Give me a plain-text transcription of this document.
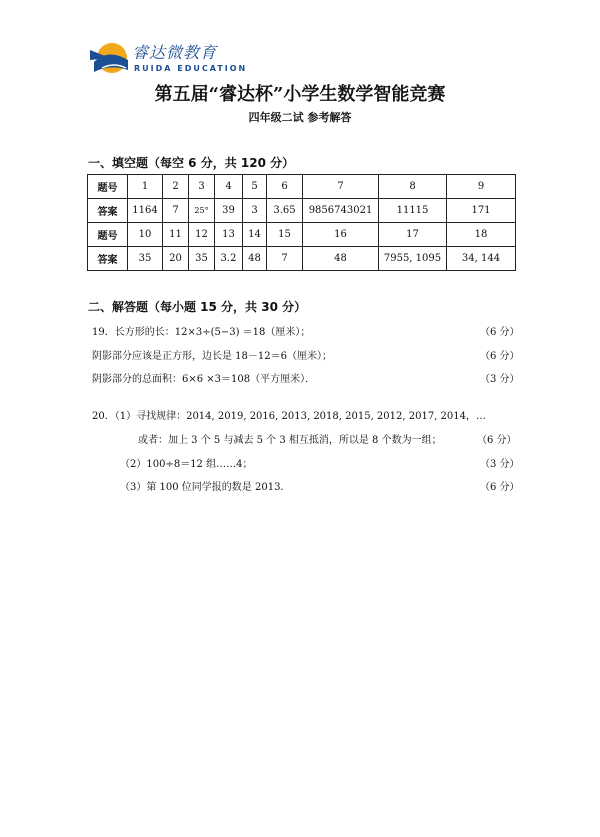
睿达微教育
RUIDA EDUCATION
第五届“睿达杯”小学生数学智能竞赛
四年级二试 参考解答
一、填空题（每空 6 分，共 120 分）
题号	1	2	3	4	5	6	7	8	9
答案	1164	7	25°	39	3	3.65	9856743021	11115	171
题号	10	11	12	13	14	15	16	17	18
答案	35	20	35	3.2	48	7	48	7955, 1095	34, 144
二、解答题（每小题 15 分，共 30 分）
19．长方形的长：12×3÷(5−3) ＝18（厘米）；	（6 分）
阴影部分应该是正方形，边长是 18－12＝6（厘米）；	（6 分）
阴影部分的总面积：6×6 ×3＝108（平方厘米）．	（3 分）
20．（1）寻找规律：2014, 2019, 2016, 2013, 2018, 2015, 2012, 2017, 2014，…
或者：加上 3 个 5 与减去 5 个 3 相互抵消，所以是 8 个数为一组；	（6 分）
（2）100÷8＝12 组……4；	（3 分）
（3）第 100 位同学报的数是 2013.	（6 分）
